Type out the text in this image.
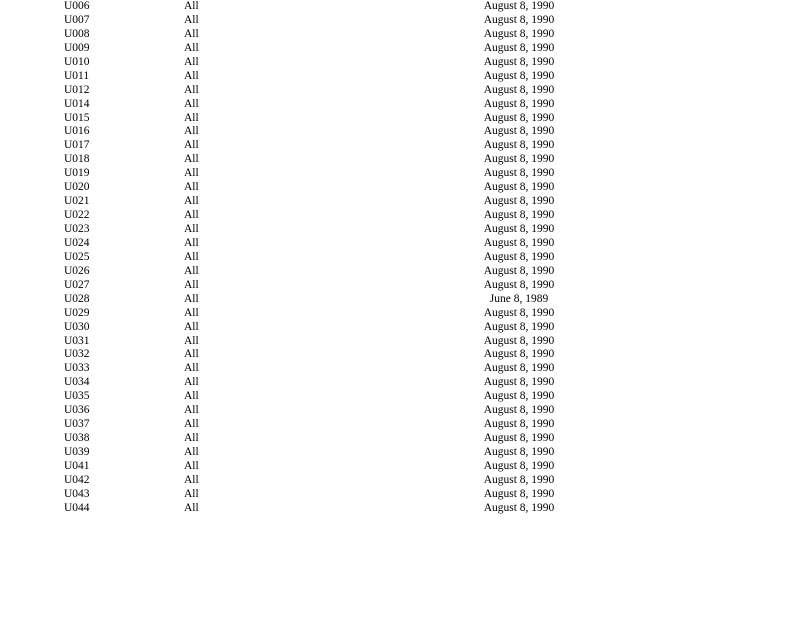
U006	All	August 8, 1990
U007	All	August 8, 1990
U008	All	August 8, 1990
U009	All	August 8, 1990
U010	All	August 8, 1990
U011	All	August 8, 1990
U012	All	August 8, 1990
U014	All	August 8, 1990
U015	All	August 8, 1990
U016	All	August 8, 1990
U017	All	August 8, 1990
U018	All	August 8, 1990
U019	All	August 8, 1990
U020	All	August 8, 1990
U021	All	August 8, 1990
U022	All	August 8, 1990
U023	All	August 8, 1990
U024	All	August 8, 1990
U025	All	August 8, 1990
U026	All	August 8, 1990
U027	All	August 8, 1990
U028	All	June 8, 1989
U029	All	August 8, 1990
U030	All	August 8, 1990
U031	All	August 8, 1990
U032	All	August 8, 1990
U033	All	August 8, 1990
U034	All	August 8, 1990
U035	All	August 8, 1990
U036	All	August 8, 1990
U037	All	August 8, 1990
U038	All	August 8, 1990
U039	All	August 8, 1990
U041	All	August 8, 1990
U042	All	August 8, 1990
U043	All	August 8, 1990
U044	All	August 8, 1990
